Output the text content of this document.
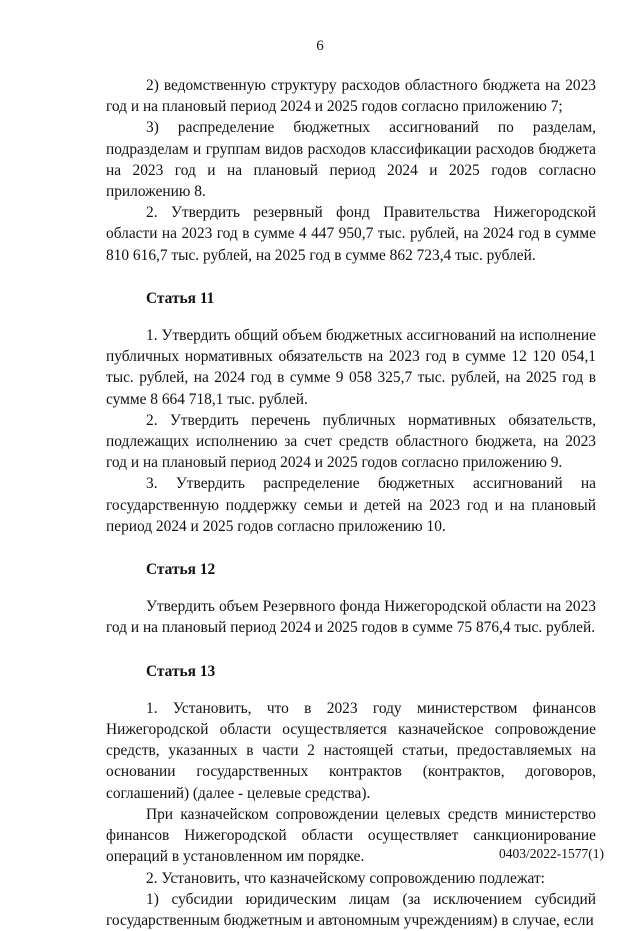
6

2) ведомственную структуру расходов областного бюджета на 2023 год и на плановый период 2024 и 2025 годов согласно приложению 7;

3) распределение бюджетных ассигнований по разделам, подразделам и группам видов расходов классификации расходов бюджета на 2023 год и на плановый период 2024 и 2025 годов согласно приложению 8.

2. Утвердить резервный фонд Правительства Нижегородской области на 2023 год в сумме 4 447 950,7 тыс. рублей, на 2024 год в сумме 810 616,7 тыс. рублей, на 2025 год в сумме 862 723,4 тыс. рублей.

Статья 11

1. Утвердить общий объем бюджетных ассигнований на исполнение публичных нормативных обязательств на 2023 год в сумме 12 120 054,1 тыс. рублей, на 2024 год в сумме 9 058 325,7 тыс. рублей, на 2025 год в сумме 8 664 718,1 тыс. рублей.

2. Утвердить перечень публичных нормативных обязательств, подлежащих исполнению за счет средств областного бюджета, на 2023 год и на плановый период 2024 и 2025 годов согласно приложению 9.

3. Утвердить распределение бюджетных ассигнований на государственную поддержку семьи и детей на 2023 год и на плановый период 2024 и 2025 годов согласно приложению 10.

Статья 12

Утвердить объем Резервного фонда Нижегородской области на 2023 год и на плановый период 2024 и 2025 годов в сумме 75 876,4 тыс. рублей.

Статья 13

1. Установить, что в 2023 году министерством финансов Нижегородской области осуществляется казначейское сопровождение средств, указанных в части 2 настоящей статьи, предоставляемых на основании государственных контрактов (контрактов, договоров, соглашений) (далее - целевые средства).

При казначейском сопровождении целевых средств министерство финансов Нижегородской области осуществляет санкционирование операций в установленном им порядке.

2. Установить, что казначейскому сопровождению подлежат:

1) субсидии юридическим лицам (за исключением субсидий государственным бюджетным и автономным учреждениям) в случае, если

0403/2022-1577(1)
